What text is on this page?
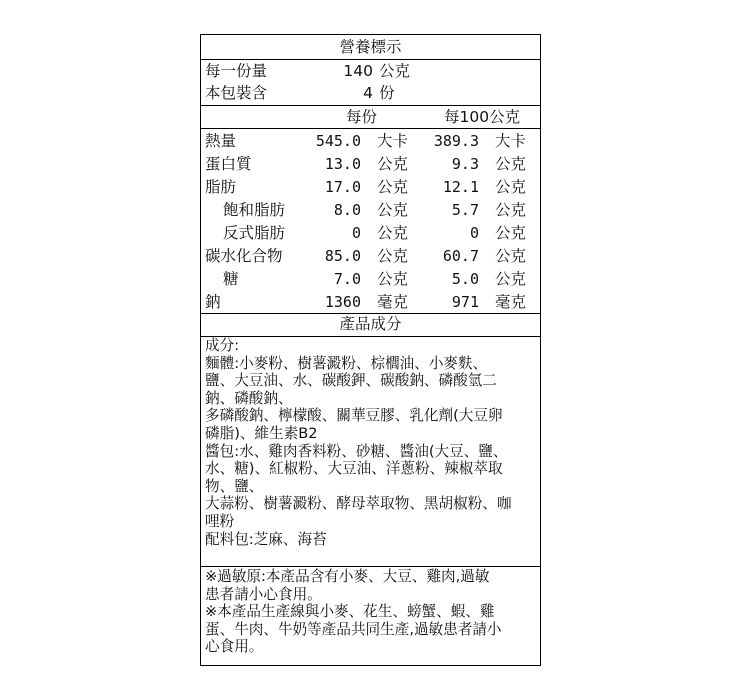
營養標示
每一份量	140 公克
本包裝含	4 份
每份	每100公克
熱量	545.0 大卡	389.3 大卡
蛋白質	13.0 公克	9.3 公克
脂肪	17.0 公克	12.1 公克
飽和脂肪	8.0 公克	5.7 公克
反式脂肪	0 公克	0 公克
碳水化合物	85.0 公克	60.7 公克
糖	7.0 公克	5.0 公克
鈉	1360 毫克	971 毫克
產品成分
成分:
麵體:小麥粉、樹薯澱粉、棕櫚油、小麥麩、
鹽、大豆油、水、碳酸鉀、碳酸鈉、磷酸氫二
鈉、磷酸鈉、
多磷酸鈉、檸檬酸、關華豆膠、乳化劑(大豆卵
磷脂)、維生素B2
醬包:水、雞肉香料粉、砂糖、醬油(大豆、鹽、
水、糖)、紅椒粉、大豆油、洋蔥粉、辣椒萃取
物、鹽、
大蒜粉、樹薯澱粉、酵母萃取物、黑胡椒粉、咖
哩粉
配料包:芝麻、海苔
※過敏原:本產品含有小麥、大豆、雞肉,過敏
患者請小心食用。
※本產品生產線與小麥、花生、螃蟹、蝦、雞
蛋、牛肉、牛奶等產品共同生產,過敏患者請小
心食用。
